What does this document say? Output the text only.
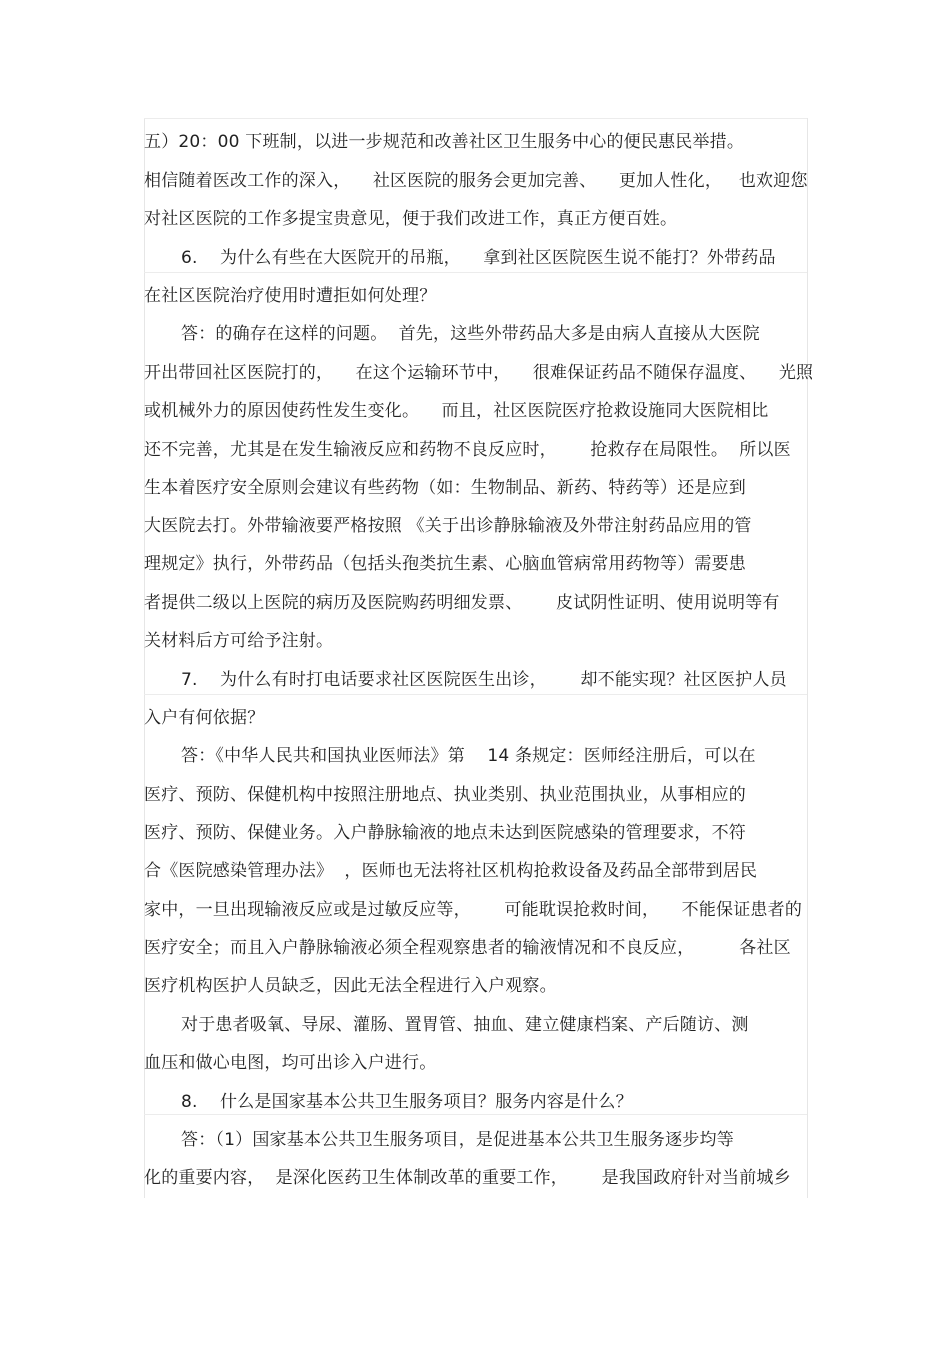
五）20：00 下班制，以进一步规范和改善社区卫生服务中心的便民惠民举措。
相信随着医改工作的深入，    社区医院的服务会更加完善、    更加人性化，   也欢迎您
对社区医院的工作多提宝贵意见，便于我们改进工作，真正方便百姓。
6.    为什么有些在大医院开的吊瓶，    拿到社区医院医生说不能打？外带药品
在社区医院治疗使用时遭拒如何处理？
答：的确存在这样的问题。  首先，这些外带药品大多是由病人直接从大医院
开出带回社区医院打的，    在这个运输环节中，    很难保证药品不随保存温度、    光照
或机械外力的原因使药性发生变化。    而且，社区医院医疗抢救设施同大医院相比
还不完善，尤其是在发生输液反应和药物不良反应时，      抢救存在局限性。  所以医
生本着医疗安全原则会建议有些药物（如：生物制品、新药、特药等）还是应到
大医院去打。外带输液要严格按照 《关于出诊静脉输液及外带注射药品应用的管
理规定》执行，外带药品（包括头孢类抗生素、心脑血管病常用药物等）需要患
者提供二级以上医院的病历及医院购药明细发票、      皮试阴性证明、使用说明等有
关材料后方可给予注射。
7.    为什么有时打电话要求社区医院医生出诊，      却不能实现？社区医护人员
入户有何依据？
答：《中华人民共和国执业医师法》第    14 条规定：医师经注册后，可以在
医疗、预防、保健机构中按照注册地点、执业类别、执业范围执业，从事相应的
医疗、预防、保健业务。入户静脉输液的地点未达到医院感染的管理要求，不符
合《医院感染管理办法》  ，医师也无法将社区机构抢救设备及药品全部带到居民
家中，一旦出现输液反应或是过敏反应等，      可能耽误抢救时间，    不能保证患者的
医疗安全；而且入户静脉输液必须全程观察患者的输液情况和不良反应，        各社区
医疗机构医护人员缺乏，因此无法全程进行入户观察。
对于患者吸氧、导尿、灌肠、置胃管、抽血、建立健康档案、产后随访、测
血压和做心电图，均可出诊入户进行。
8.    什么是国家基本公共卫生服务项目？服务内容是什么？
答：（1）国家基本公共卫生服务项目，是促进基本公共卫生服务逐步均等
化的重要内容，  是深化医药卫生体制改革的重要工作，      是我国政府针对当前城乡
